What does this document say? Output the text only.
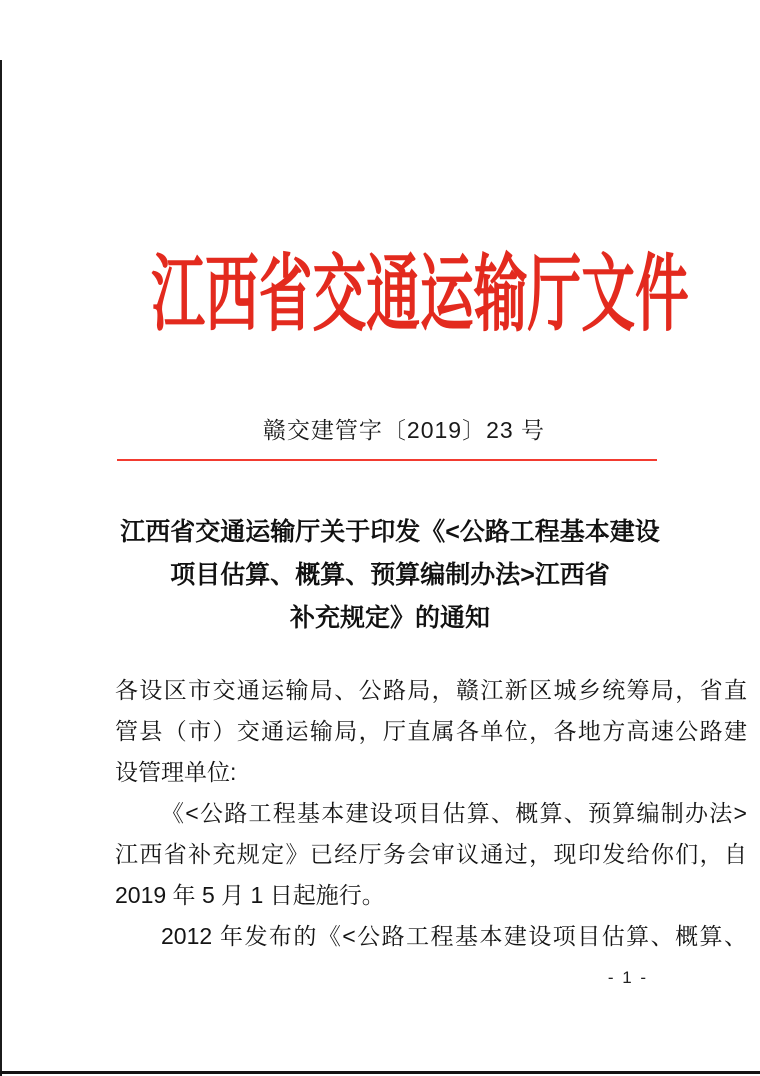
江西省交通运输厅文件
赣交建管字〔2019〕23 号
江西省交通运输厅关于印发《<公路工程基本建设
项目估算、概算、预算编制办法>江西省
补充规定》的通知
各设区市交通运输局、公路局，赣江新区城乡统筹局，省直
管县（市）交通运输局，厅直属各单位，各地方高速公路建
设管理单位:
《<公路工程基本建设项目估算、概算、预算编制办法>
江西省补充规定》已经厅务会审议通过，现印发给你们，自
2019 年 5 月 1 日起施行。
2012 年发布的《<公路工程基本建设项目估算、概算、
- 1 -
